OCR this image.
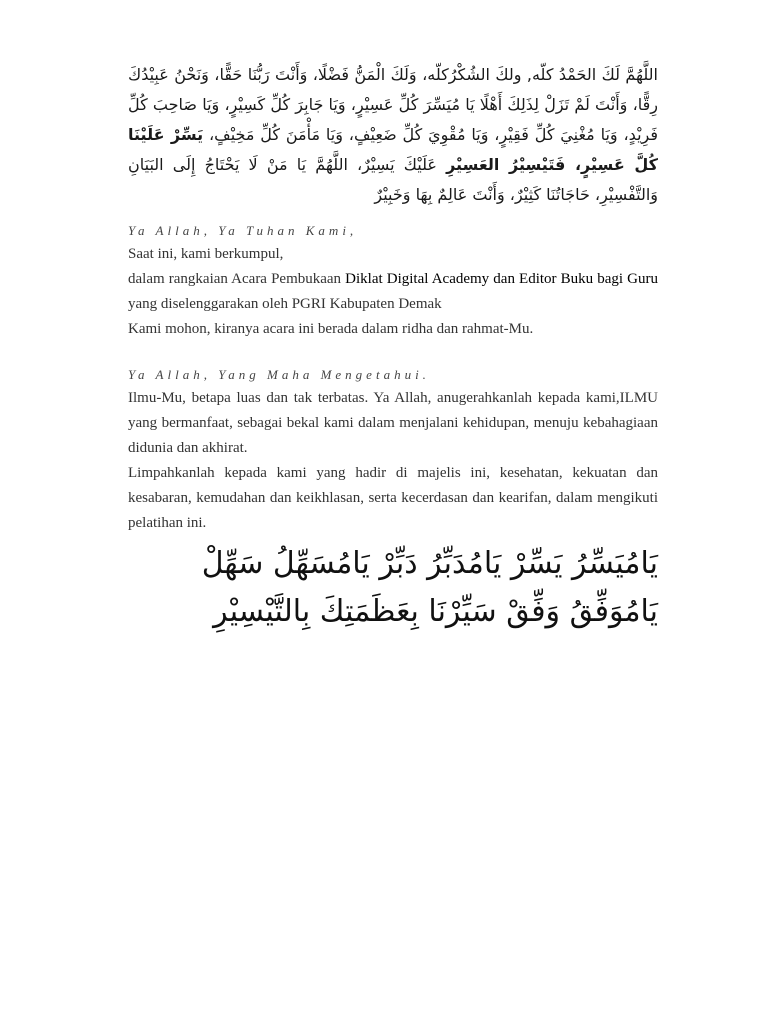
اللَّهُمَّ لَكَ الحَمْدُ كلّه, ولكَ الشُكْرُكلّه، وَلَكَ الْمَنُّ فَضْلًا، وَأَنْتَ رَبُّنَا حَقًّا، وَنَحْنُ عَبِيْدُكَ رِقًّا، وَأَنْتَ لَمْ تَزَلْ لِذَلِكَ أَهْلًا يَا مُيَسِّرَ كُلِّ عَسِيْرٍ، وَيَا جَابِرَ كُلِّ كَسِيْرٍ، وَيَا صَاحِبَ كُلِّ فَرِيْدٍ، وَيَا مُغْنِيَ كُلِّ فَقِيْرٍ، وَيَا مُقْوِيَ كُلِّ ضَعِيْفٍ، وَيَا مَأْمَنَ كُلِّ مَخِيْفٍ، يَسِّرْ عَلَيْنَا كُلَّ عَسِيْرٍ، فَتَيْسِيْرُ العَسِيْرِ عَلَيْكَ يَسِيْرٌ، اللَّهُمَّ يَا مَنْ لَا يَحْتَاجُ إِلَى البَيَانِ وَالتَّفْسِيْرِ، حَاجَاتُنَا كَثِيْرٌ، وَأَنْتَ عَالِمٌ بِهَا وَخَبِيْرٌ

Ya Allah, Ya Tuhan Kami,

Saat ini, kami berkumpul,

dalam rangkaian Acara Pembukaan Diklat Digital Academy dan Editor Buku bagi Guru yang diselenggarakan oleh PGRI Kabupaten Demak

Kami mohon, kiranya acara ini berada dalam ridha dan rahmat-Mu.

Ya Allah, Yang Maha Mengetahui.

Ilmu-Mu, betapa luas dan tak terbatas. Ya Allah, anugerahkanlah kepada kami,ILMU yang bermanfaat, sebagai bekal kami dalam menjalani kehidupan, menuju kebahagiaan didunia dan akhirat.

Limpahkanlah kepada kami yang hadir di majelis ini, kesehatan, kekuatan dan kesabaran, kemudahan dan keikhlasan, serta kecerdasan dan kearifan, dalam mengikuti pelatihan ini.

يَامُيَسِّرُ يَسِّرْ يَامُدَبِّرُ دَبِّرْ يَامُسَهِّلُ سَهِّلْ
يَامُوَفِّقُ وَفِّقْ سَيِّرْنَا بِعَظَمَتِكَ بِالتَّيْسِيْرِ
